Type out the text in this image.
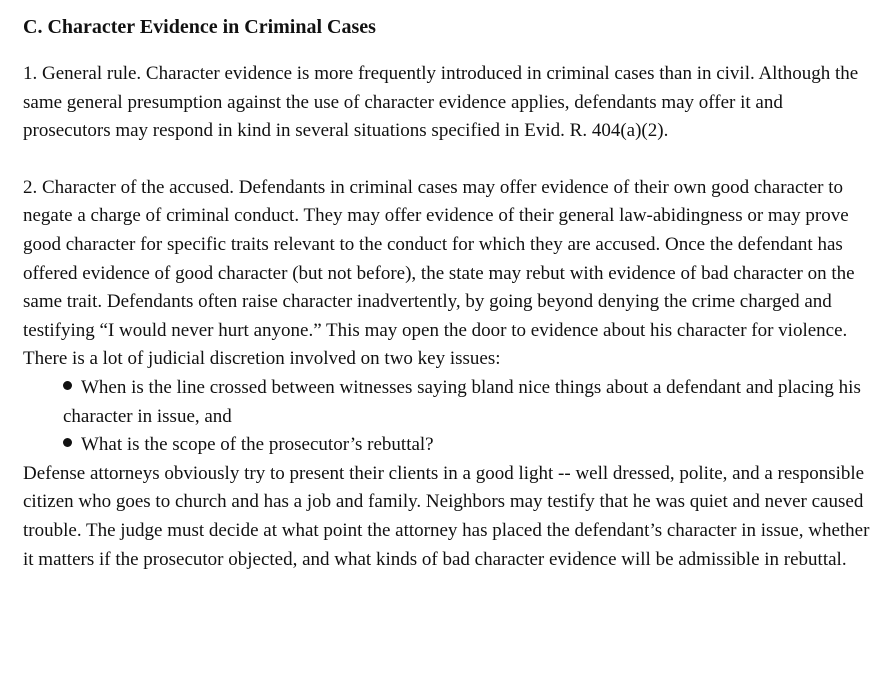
C. Character Evidence in Criminal Cases

1. General rule. Character evidence is more frequently introduced in criminal cases than in civil. Although the same general presumption against the use of character evidence applies, defendants may offer it and prosecutors may respond in kind in several situations specified in Evid. R. 404(a)(2).

2. Character of the accused. Defendants in criminal cases may offer evidence of their own good character to negate a charge of criminal conduct. They may offer evidence of their general law-abidingness or may prove good character for specific traits relevant to the conduct for which they are accused. Once the defendant has offered evidence of good character (but not before), the state may rebut with evidence of bad character on the same trait. Defendants often raise character inadvertently, by going beyond denying the crime charged and testifying “I would never hurt anyone.” This may open the door to evidence about his character for violence. There is a lot of judicial discretion involved on two key issues:

When is the line crossed between witnesses saying bland nice things about a defendant and placing his character in issue, and
What is the scope of the prosecutor’s rebuttal?

Defense attorneys obviously try to present their clients in a good light -- well dressed, polite, and a responsible citizen who goes to church and has a job and family. Neighbors may testify that he was quiet and never caused trouble. The judge must decide at what point the attorney has placed the defendant’s character in issue, whether it matters if the prosecutor objected, and what kinds of bad character evidence will be admissible in rebuttal.
